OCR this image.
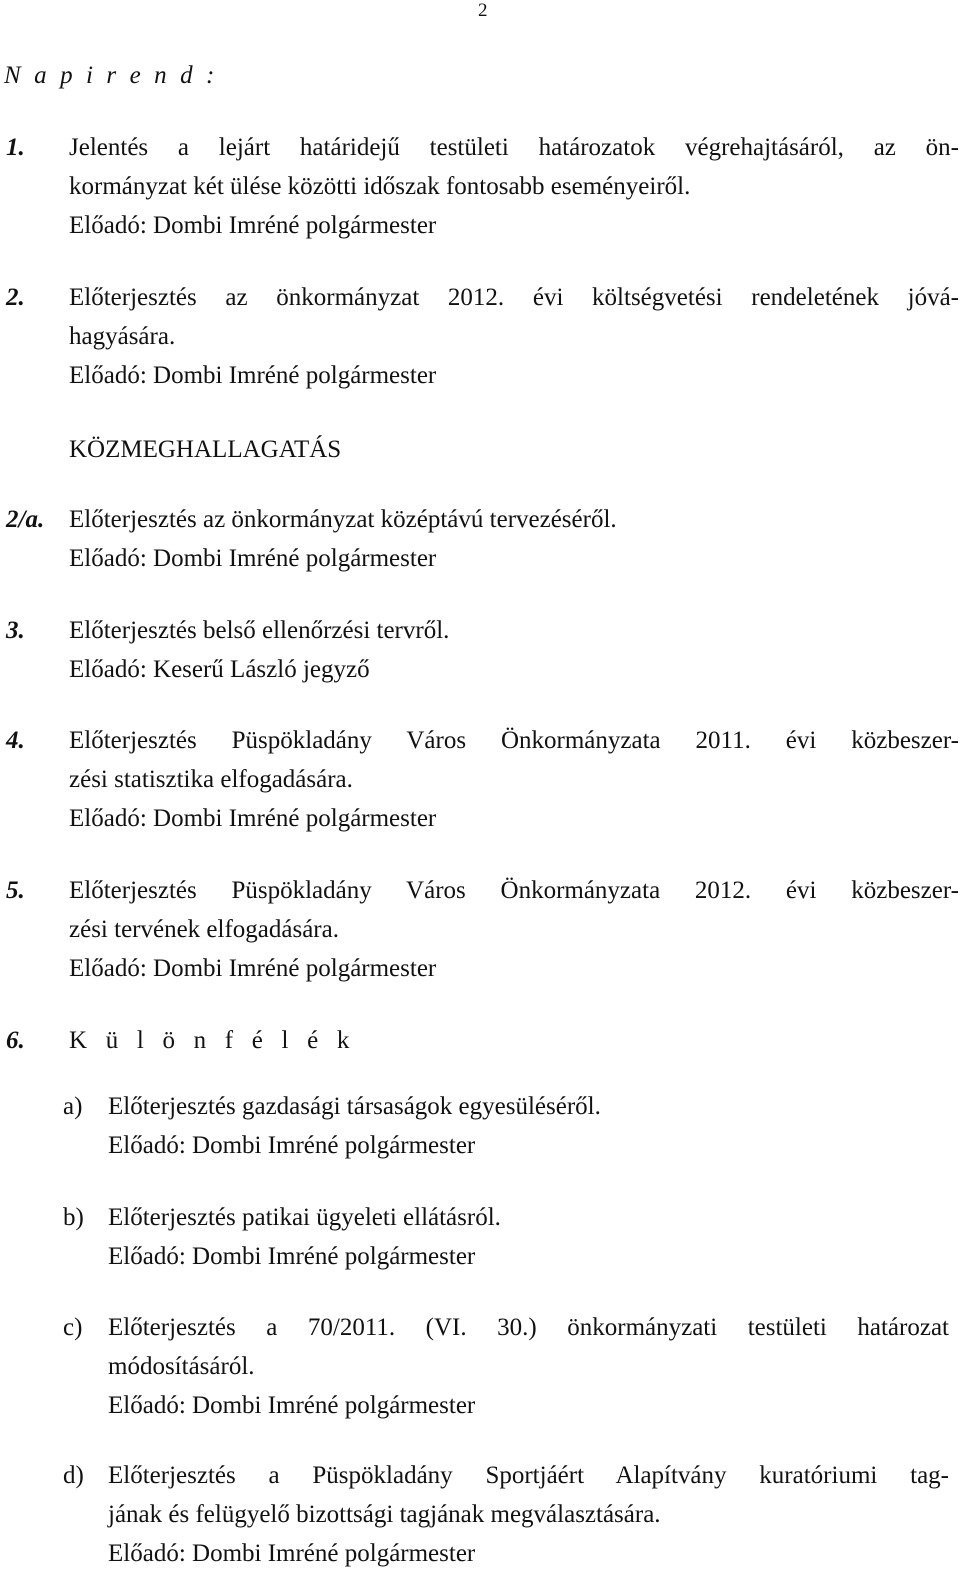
2
N a p i r e n d :
1.	Jelentés a lejárt határidejű testületi határozatok végrehajtásáról, az ön-
kormányzat két ülése közötti időszak fontosabb eseményeiről.
Előadó: Dombi Imréné polgármester
2.	Előterjesztés az önkormányzat 2012. évi költségvetési rendeletének jóvá-
hagyására.
Előadó: Dombi Imréné polgármester
KÖZMEGHALLAGATÁS
2/a. Előterjesztés az önkormányzat középtávú tervezéséről.
Előadó: Dombi Imréné polgármester
3.	Előterjesztés belső ellenőrzési tervről.
Előadó: Keserű László jegyző
4.	Előterjesztés Püspökladány Város Önkormányzata 2011. évi közbeszer-
zési statisztika elfogadására.
Előadó: Dombi Imréné polgármester
5.	Előterjesztés Püspökladány Város Önkormányzata 2012. évi közbeszer-
zési tervének elfogadására.
Előadó: Dombi Imréné polgármester
6.	K ü l ö n f é l é k
a) Előterjesztés gazdasági társaságok egyesüléséről.
Előadó: Dombi Imréné polgármester
b) Előterjesztés patikai ügyeleti ellátásról.
Előadó: Dombi Imréné polgármester
c) Előterjesztés a 70/2011. (VI. 30.) önkormányzati testületi határozat
módosításáról.
Előadó: Dombi Imréné polgármester
d) Előterjesztés a Püspökladány Sportjáért Alapítvány kuratóriumi tag-
jának és felügyelő bizottsági tagjának megválasztására.
Előadó: Dombi Imréné polgármester
